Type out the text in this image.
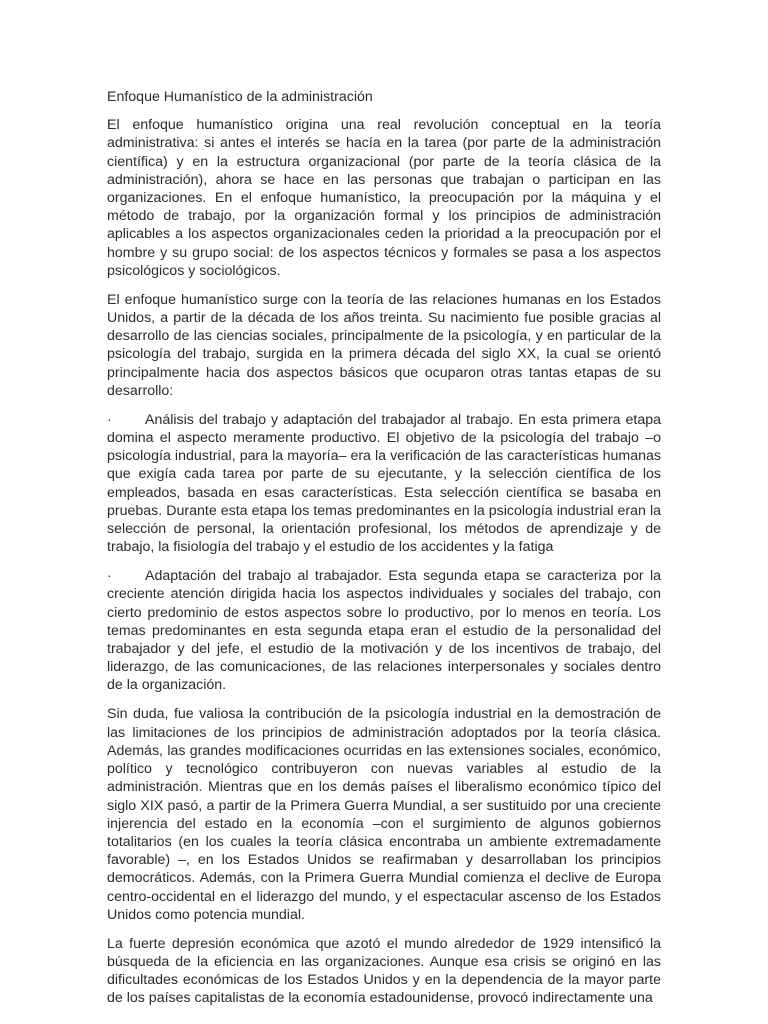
Enfoque Humanístico de la administración

El enfoque humanístico origina una real revolución conceptual en la teoría administrativa: si antes el interés se hacía en la tarea (por parte de la administración científica) y en la estructura organizacional (por parte de la teoría clásica de la administración), ahora se hace en las personas que trabajan o participan en las organizaciones. En el enfoque humanístico, la preocupación por la máquina y el método de trabajo, por la organización formal y los principios de administración aplicables a los aspectos organizacionales ceden la prioridad a la preocupación por el hombre y su grupo social: de los aspectos técnicos y formales se pasa a los aspectos psicológicos y sociológicos.

El enfoque humanístico surge con la teoría de las relaciones humanas en los Estados Unidos, a partir de la década de los años treinta. Su nacimiento fue posible gracias al desarrollo de las ciencias sociales, principalmente de la psicología, y en particular de la psicología del trabajo, surgida en la primera década del siglo XX, la cual se orientó principalmente hacia dos aspectos básicos que ocuparon otras tantas etapas de su desarrollo:

· Análisis del trabajo y adaptación del trabajador al trabajo. En esta primera etapa domina el aspecto meramente productivo. El objetivo de la psicología del trabajo –o psicología industrial, para la mayoría– era la verificación de las características humanas que exigía cada tarea por parte de su ejecutante, y la selección científica de los empleados, basada en esas características. Esta selección científica se basaba en pruebas. Durante esta etapa los temas predominantes en la psicología industrial eran la selección de personal, la orientación profesional, los métodos de aprendizaje y de trabajo, la fisiología del trabajo y el estudio de los accidentes y la fatiga

· Adaptación del trabajo al trabajador. Esta segunda etapa se caracteriza por la creciente atención dirigida hacia los aspectos individuales y sociales del trabajo, con cierto predominio de estos aspectos sobre lo productivo, por lo menos en teoría. Los temas predominantes en esta segunda etapa eran el estudio de la personalidad del trabajador y del jefe, el estudio de la motivación y de los incentivos de trabajo, del liderazgo, de las comunicaciones, de las relaciones interpersonales y sociales dentro de la organización.

Sin duda, fue valiosa la contribución de la psicología industrial en la demostración de las limitaciones de los principios de administración adoptados por la teoría clásica. Además, las grandes modificaciones ocurridas en las extensiones sociales, económico, político y tecnológico contribuyeron con nuevas variables al estudio de la administración. Mientras que en los demás países el liberalismo económico típico del siglo XIX pasó, a partir de la Primera Guerra Mundial, a ser sustituido por una creciente injerencia del estado en la economía –con el surgimiento de algunos gobiernos totalitarios (en los cuales la teoría clásica encontraba un ambiente extremadamente favorable) –, en los Estados Unidos se reafirmaban y desarrollaban los principios democráticos. Además, con la Primera Guerra Mundial comienza el declive de Europa centro-occidental en el liderazgo del mundo, y el espectacular ascenso de los Estados Unidos como potencia mundial.

La fuerte depresión económica que azotó el mundo alrededor de 1929 intensificó la búsqueda de la eficiencia en las organizaciones. Aunque esa crisis se originó en las dificultades económicas de los Estados Unidos y en la dependencia de la mayor parte de los países capitalistas de la economía estadounidense, provocó indirectamente una
